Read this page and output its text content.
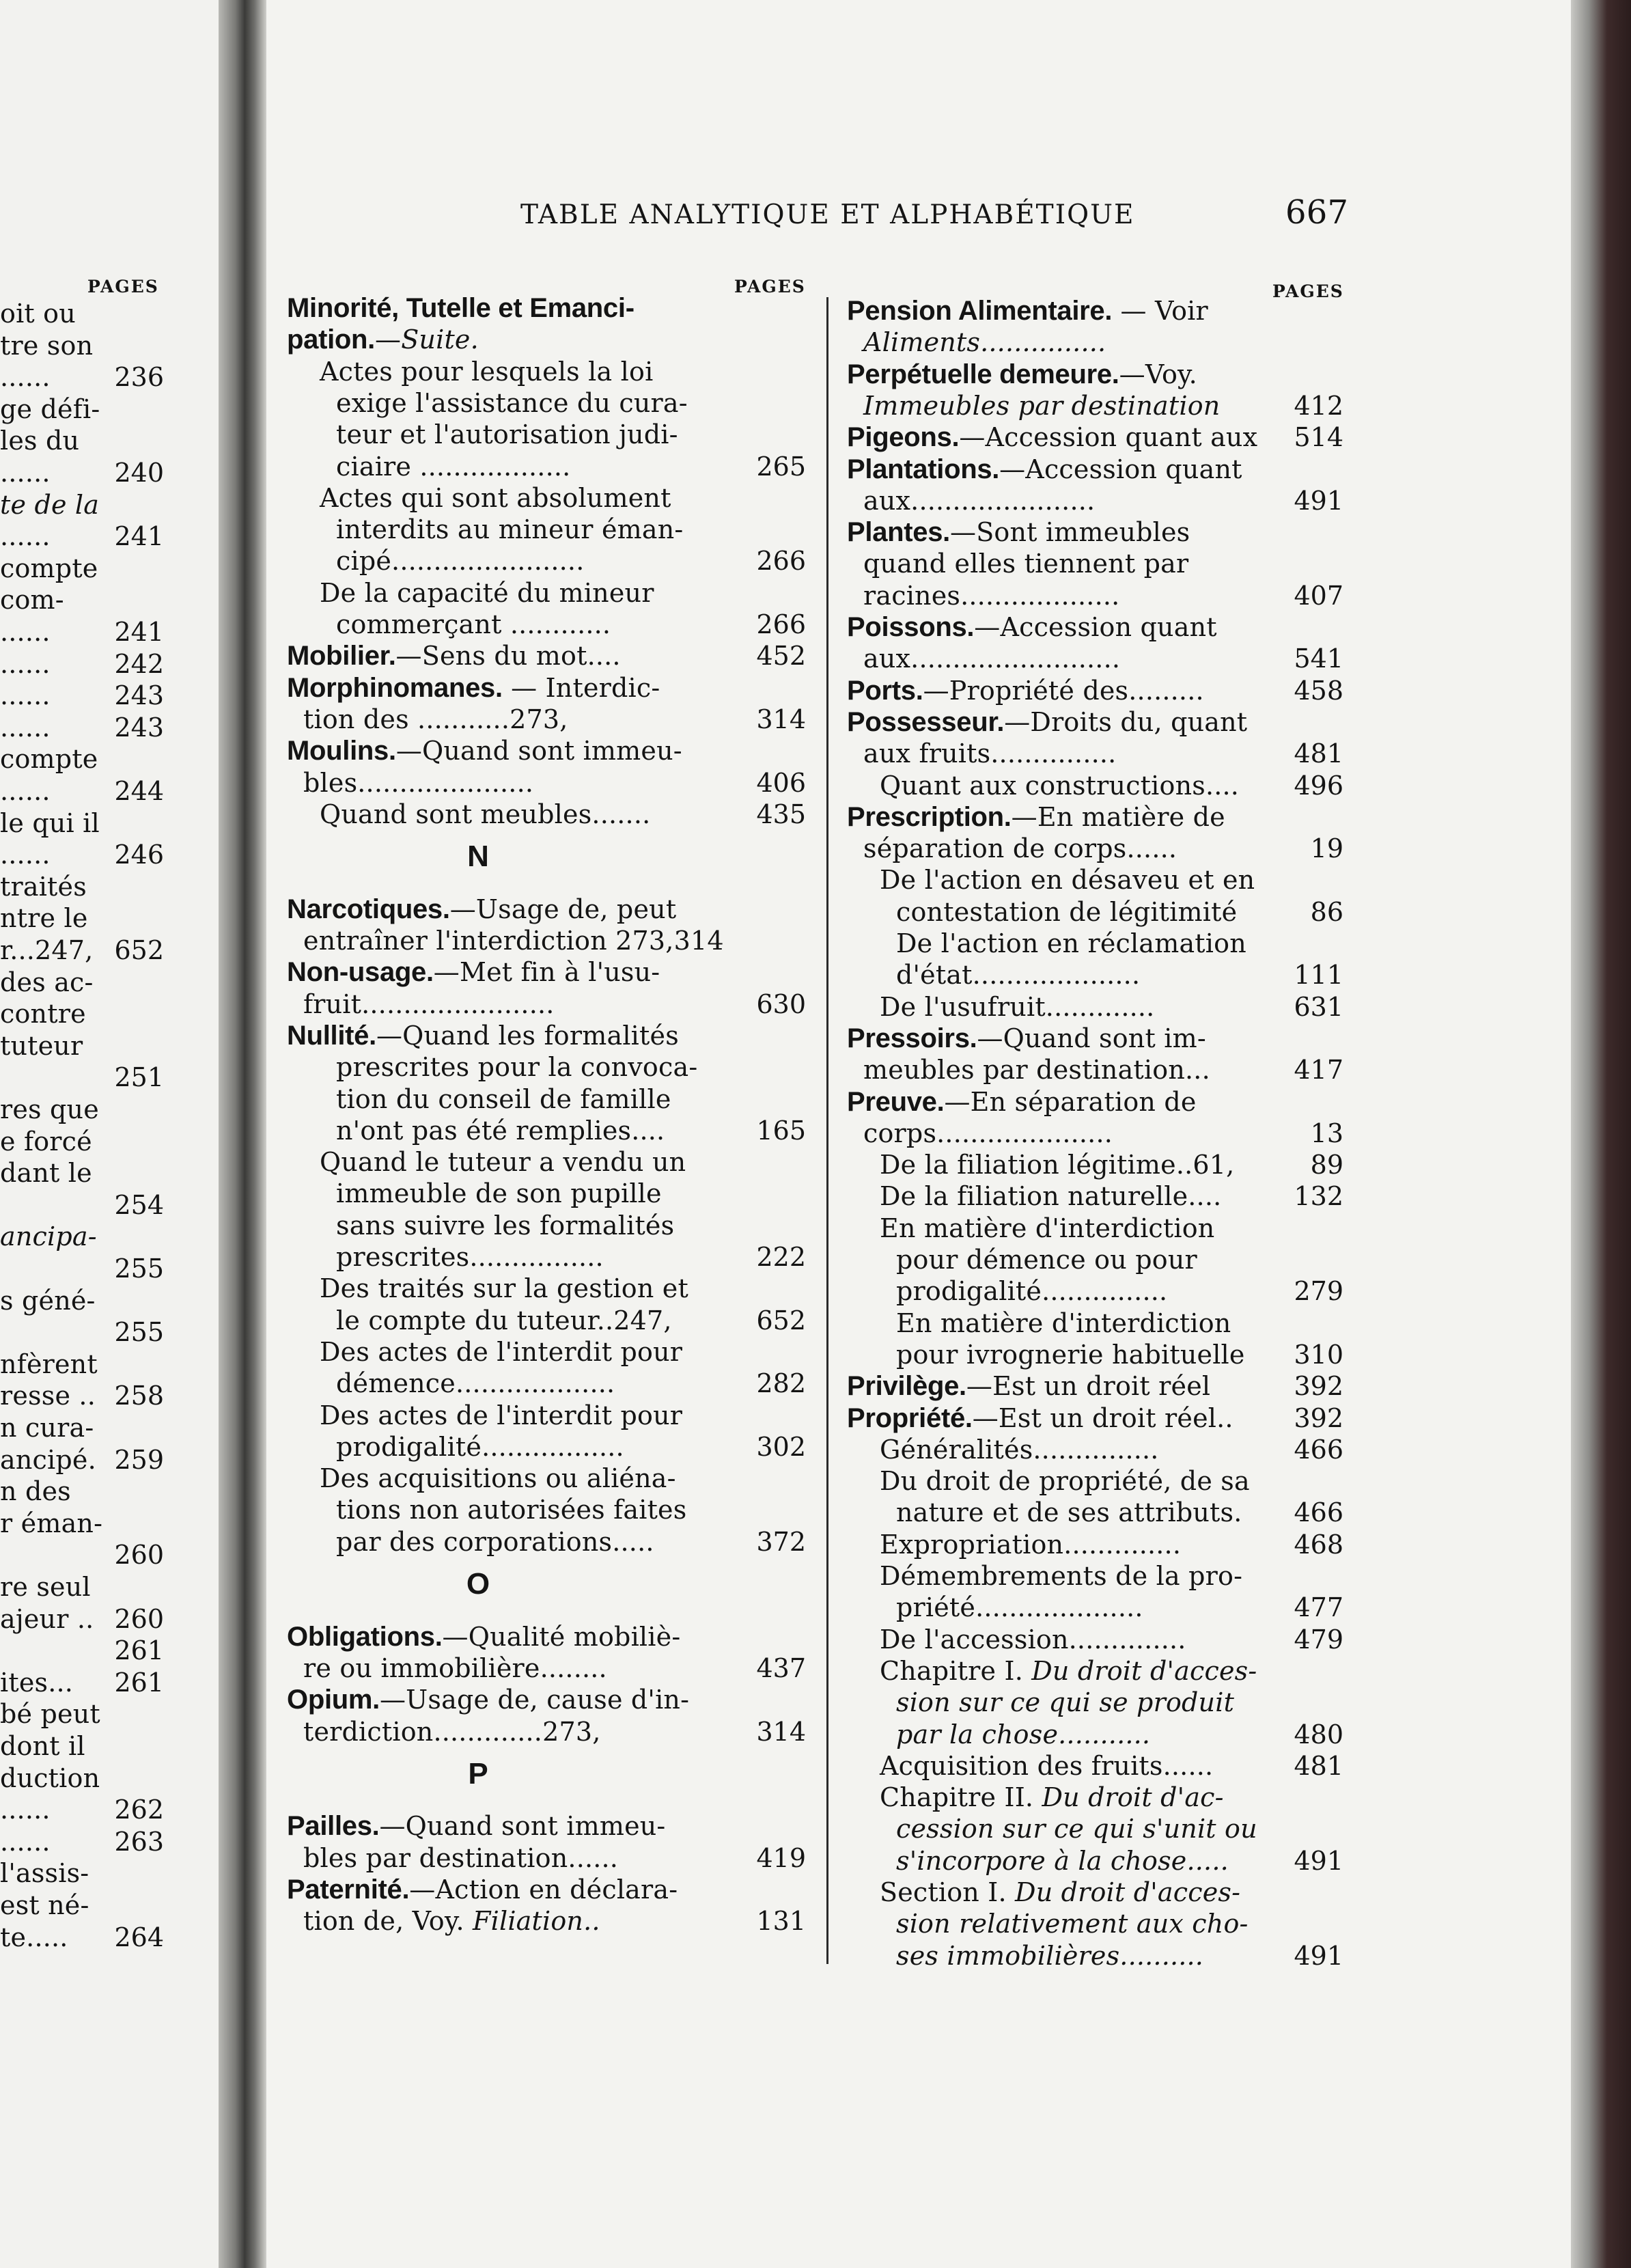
PAGES
oit ou
tre son
......	236
ge défi-
les du
......	240
te de la
......	241
compte
com-
......	241
......	242
......	243
......	243
compte
......	244
le qui il
......	246
traités
ntre le
r...247, 652
des ac-
contre
tuteur
251
res que
e forcé
dant le
254
ancipa-
255
s géné-
255
nfèrent
resse .. 258
n cura-
ancipé. 259
n des
r éman-
260
re seul
ajeur .. 260
261
ites...	261
bé peut
dont il
duction
......	262
......	263
l'assis-
est né-
te.....	264
TABLE ANALYTIQUE ET ALPHABÉTIQUE	667
PAGES	PAGES
Minorité, Tutelle et Emanci-
pation.—Suite.
Actes pour lesquels la loi
exige l'assistance du cura-
teur et l'autorisation judi-
ciaire ..................	265
Actes qui sont absolument
interdits au mineur éman-
cipé.......................	266
De la capacité du mineur
commerçant ............	266
Mobilier.—Sens du mot....	452
Morphinomanes. — Interdic-
tion des ...........273,	314
Moulins.—Quand sont immeu-
bles.....................	406
Quand sont meubles.......	435
N
Narcotiques.—Usage de, peut
entraîner l'interdiction 273,314
Non-usage.—Met fin à l'usu-
fruit.......................	630
Nullité.—Quand les formalités
prescrites pour la convoca-
tion du conseil de famille
n'ont pas été remplies....	165
Quand le tuteur a vendu un
immeuble de son pupille
sans suivre les formalités
prescrites................	222
Des traités sur la gestion et
le compte du tuteur..247,	652
Des actes de l'interdit pour
démence...................	282
Des actes de l'interdit pour
prodigalité.................	302
Des acquisitions ou aliéna-
tions non autorisées faites
par des corporations.....	372
O
Obligations.—Qualité mobiliè-
re ou immobilière........	437
Opium.—Usage de, cause d'in-
terdiction.............273,	314
P
Pailles.—Quand sont immeu-
bles par destination......	419
Paternité.—Action en déclara-
tion de, Voy. Filiation..	131
Pension Alimentaire. — Voir
Aliments...............
Perpétuelle demeure.—Voy.
Immeubles par destination	412
Pigeons.—Accession quant aux	514
Plantations.—Accession quant
aux......................	491
Plantes.—Sont immeubles
quand elles tiennent par
racines...................	407
Poissons.—Accession quant
aux.........................	541
Ports.—Propriété des.........	458
Possesseur.—Droits du, quant
aux fruits...............	481
Quant aux constructions....	496
Prescription.—En matière de
séparation de corps......	19
De l'action en désaveu et en
contestation de légitimité	86
De l'action en réclamation
d'état....................	111
De l'usufruit.............	631
Pressoirs.—Quand sont im-
meubles par destination...	417
Preuve.—En séparation de
corps.....................	13
De la filiation légitime..61,	89
De la filiation naturelle....	132
En matière d'interdiction
pour démence ou pour
prodigalité...............	279
En matière d'interdiction
pour ivrognerie habituelle	310
Privilège.—Est un droit réel	392
Propriété.—Est un droit réel..	392
Généralités...............	466
Du droit de propriété, de sa
nature et de ses attributs.	466
Expropriation..............	468
Démembrements de la pro-
priété....................	477
De l'accession..............	479
Chapitre I. Du droit d'acces-
sion sur ce qui se produit
par la chose...........	480
Acquisition des fruits......	481
Chapitre II. Du droit d'ac-
cession sur ce qui s'unit ou
s'incorpore à la chose.....	491
Section I. Du droit d'acces-
sion relativement aux cho-
ses immobilières..........	491
